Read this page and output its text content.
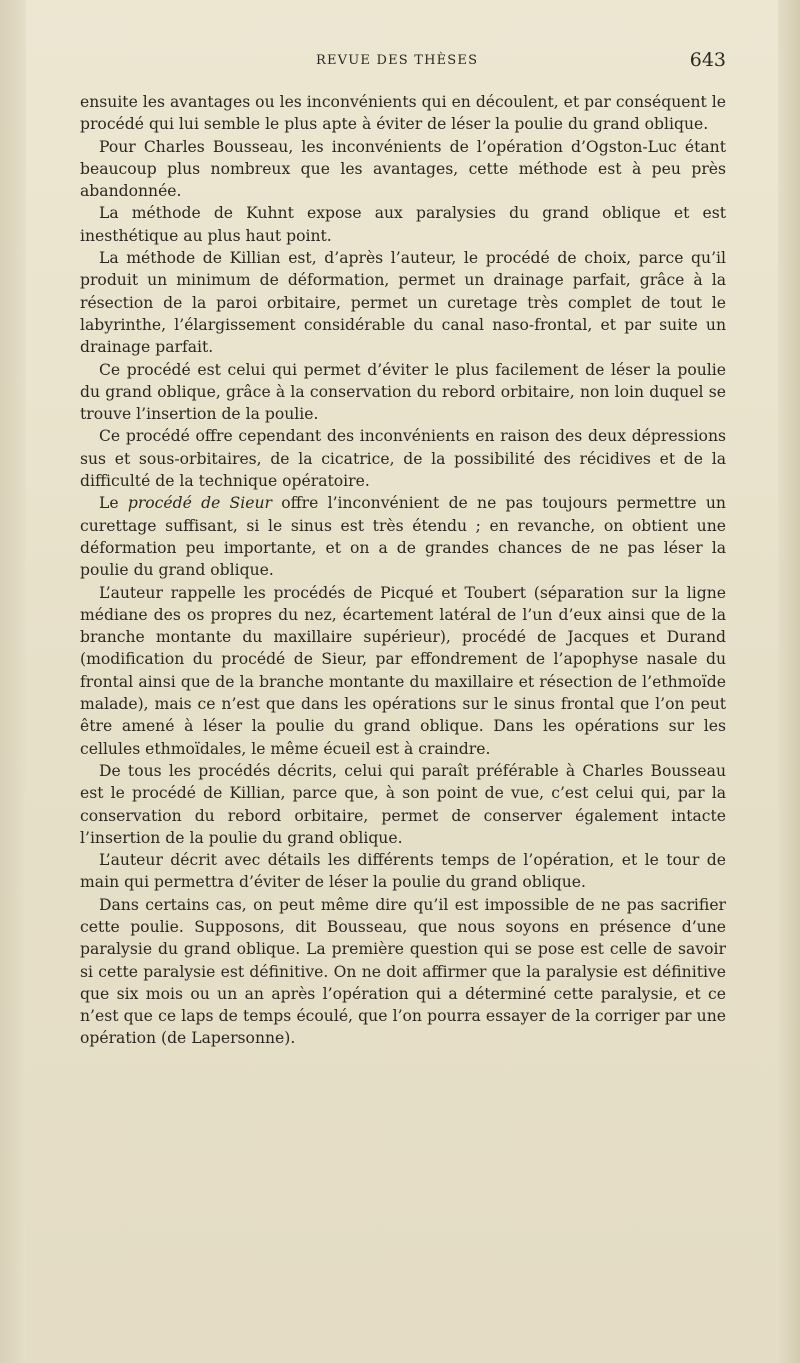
REVUE DES THÈSES	643

ensuite les avantages ou les inconvénients qui en découlent, et par conséquent le procédé qui lui semble le plus apte à éviter de léser la poulie du grand oblique.

Pour Charles Bousseau, les inconvénients de l’opération d’Ogston-Luc étant beaucoup plus nombreux que les avantages, cette méthode est à peu près abandonnée.

La méthode de Kuhnt expose aux paralysies du grand oblique et est inesthétique au plus haut point.

La méthode de Killian est, d’après l’auteur, le procédé de choix, parce qu’il produit un minimum de déformation, permet un drainage parfait, grâce à la résection de la paroi orbitaire, permet un curetage très complet de tout le labyrinthe, l’élargissement considérable du canal naso-frontal, et par suite un drainage parfait.

Ce procédé est celui qui permet d’éviter le plus facilement de léser la poulie du grand oblique, grâce à la conservation du rebord orbitaire, non loin duquel se trouve l’insertion de la poulie.

Ce procédé offre cependant des inconvénients en raison des deux dépressions sus et sous-orbitaires, de la cicatrice, de la possibilité des récidives et de la difficulté de la technique opératoire.

Le procédé de Sieur offre l’inconvénient de ne pas toujours permettre un curettage suffisant, si le sinus est très étendu ; en revanche, on obtient une déformation peu importante, et on a de grandes chances de ne pas léser la poulie du grand oblique.

L’auteur rappelle les procédés de Picqué et Toubert (séparation sur la ligne médiane des os propres du nez, écartement latéral de l’un d’eux ainsi que de la branche montante du maxillaire supérieur), procédé de Jacques et Durand (modification du procédé de Sieur, par effondrement de l’apophyse nasale du frontal ainsi que de la branche montante du maxillaire et résection de l’ethmoïde malade), mais ce n’est que dans les opérations sur le sinus frontal que l’on peut être amené à léser la poulie du grand oblique. Dans les opérations sur les cellules ethmoïdales, le même écueil est à craindre.

De tous les procédés décrits, celui qui paraît préférable à Charles Bousseau est le procédé de Killian, parce que, à son point de vue, c’est celui qui, par la conservation du rebord orbitaire, permet de conserver également intacte l’insertion de la poulie du grand oblique.

L’auteur décrit avec détails les différents temps de l’opération, et le tour de main qui permettra d’éviter de léser la poulie du grand oblique.

Dans certains cas, on peut même dire qu’il est impossible de ne pas sacrifier cette poulie. Supposons, dit Bousseau, que nous soyons en présence d’une paralysie du grand oblique. La première question qui se pose est celle de savoir si cette paralysie est définitive. On ne doit affirmer que la paralysie est définitive que six mois ou un an après l’opération qui a déterminé cette paralysie, et ce n’est que ce laps de temps écoulé, que l’on pourra essayer de la corriger par une opération (de Lapersonne).
